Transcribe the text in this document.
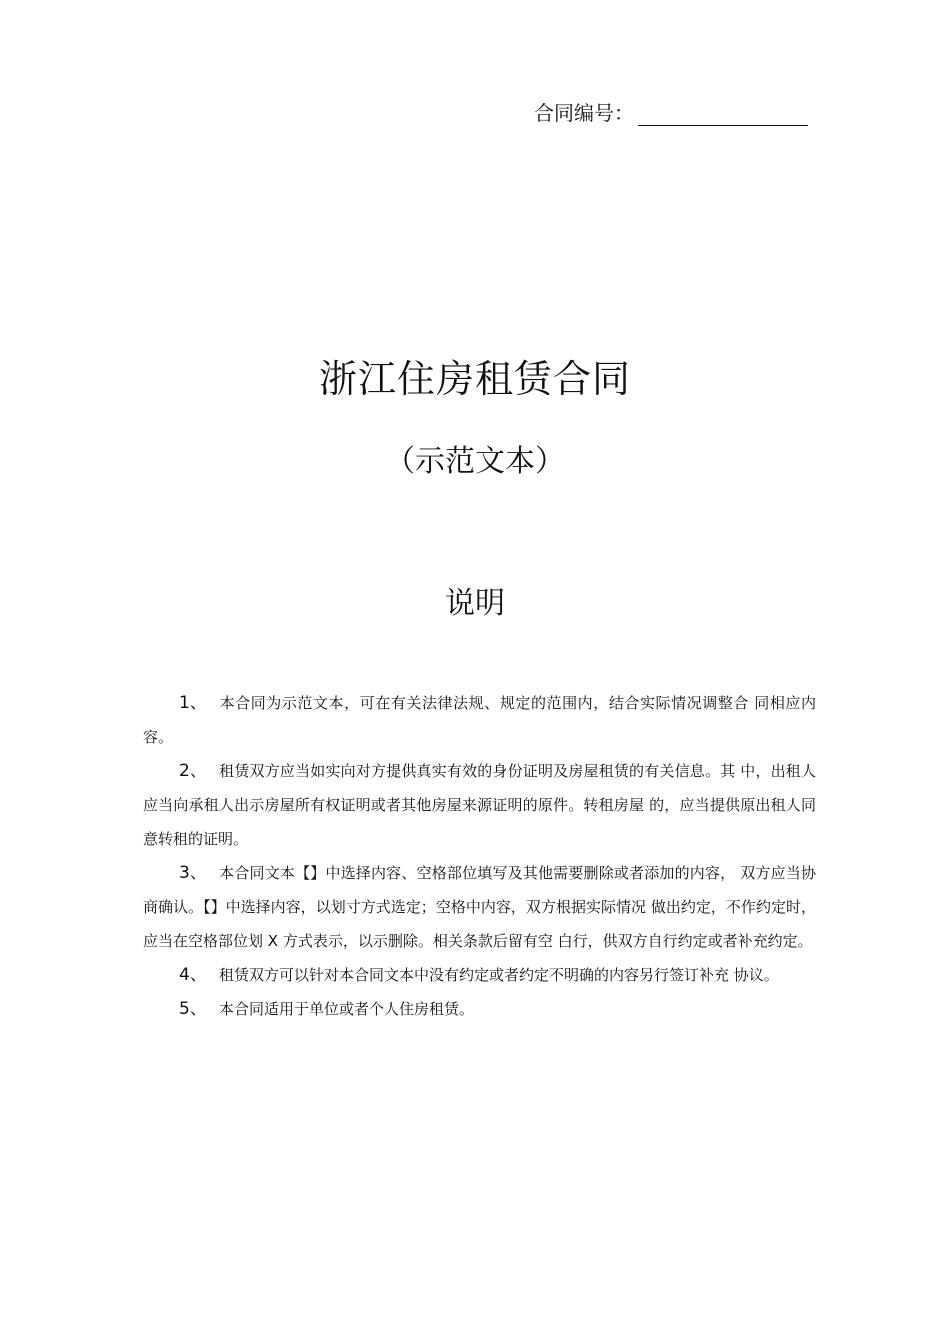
合同编号：
浙江住房租赁合同
（示范文本）
说明

1、 本合同为示范文本，可在有关法律法规、规定的范围内，结合实际情况调整合 同相应内容。

2、 租赁双方应当如实向对方提供真实有效的身份证明及房屋租赁的有关信息。其 中，出租人应当向承租人出示房屋所有权证明或者其他房屋来源证明的原件。转租房屋 的，应当提供原出租人同意转租的证明。

3、 本合同文本【】中选择内容、空格部位填写及其他需要删除或者添加的内容， 双方应当协商确认。【】中选择内容，以划寸方式选定；空格中内容，双方根据实际情况 做出约定，不作约定时，应当在空格部位划 X 方式表示，以示删除。相关条款后留有空 白行，供双方自行约定或者补充约定。

4、 租赁双方可以针对本合同文本中没有约定或者约定不明确的内容另行签订补充 协议。

5、 本合同适用于单位或者个人住房租赁。
